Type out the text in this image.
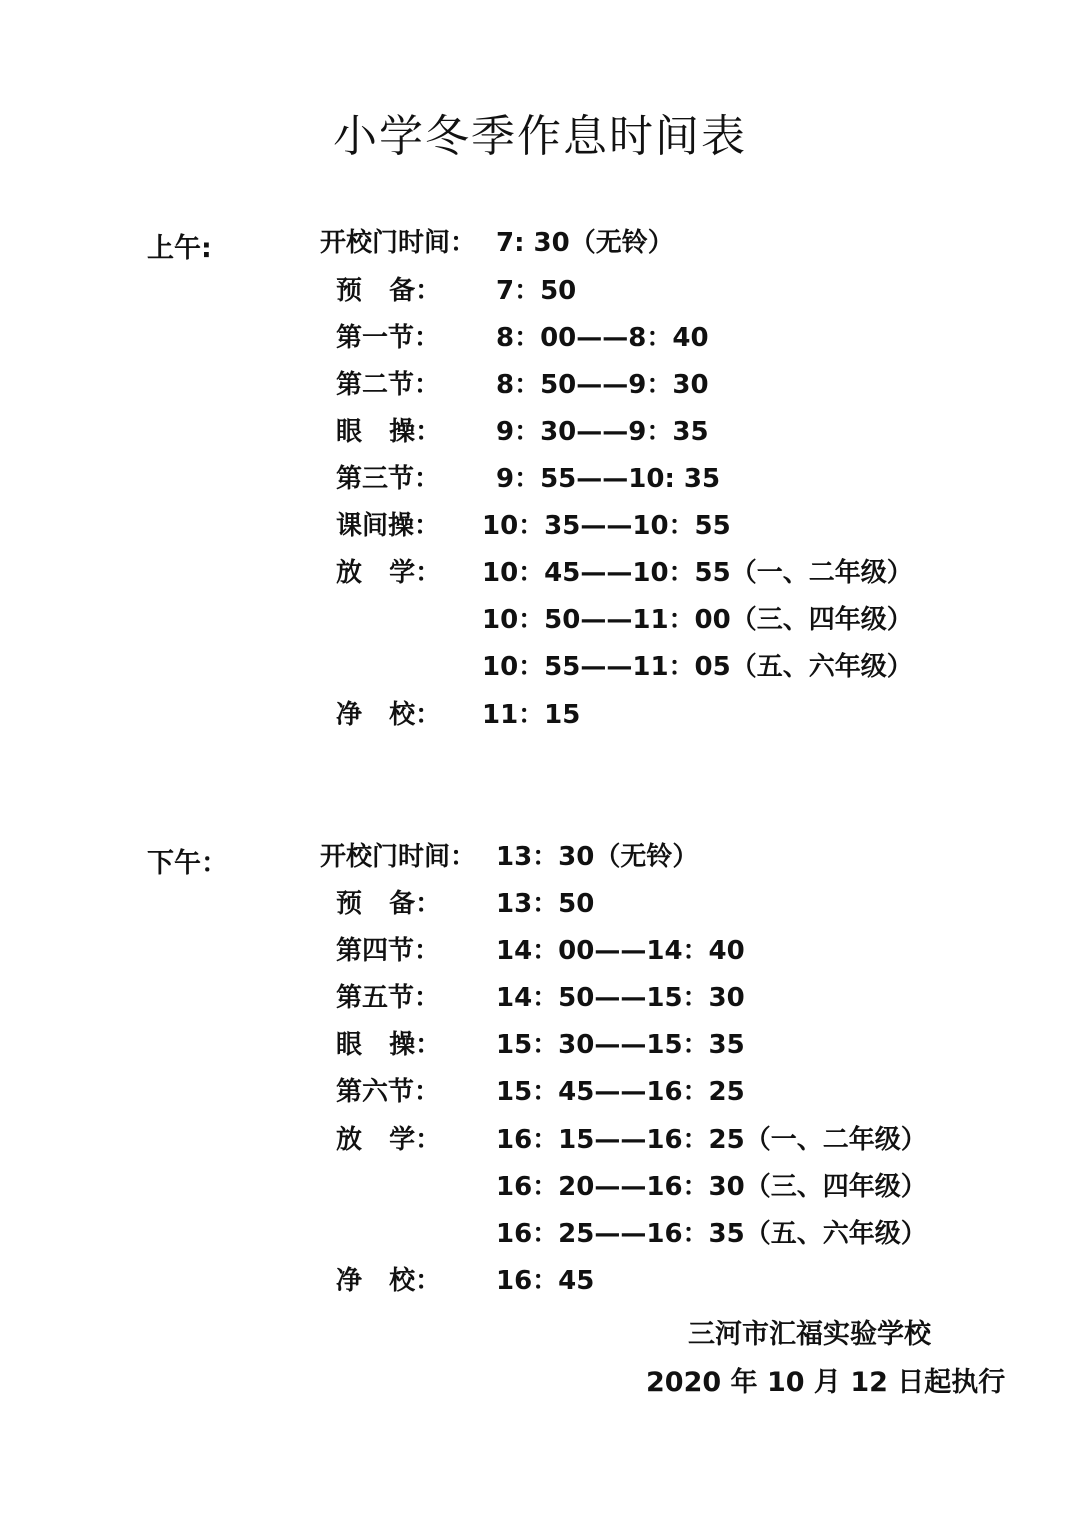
小学冬季作息时间表
上午:

	开校门时间：

7: 30（无铃）

预   备：

7：50

第一节：

8：00——8：40

第二节：

8：50——9：30

眼   操：

9：30——9：35

第三节：

9：55——10: 35

课间操：

10：35——10：55

放   学：

10：45——10：55（一、二年级）

10：50——11：00（三、四年级）

10：55——11：05（五、六年级）

净   校：

11：15

下午：

	开校门时间：

13：30（无铃）

预   备：

13：50

第四节：

14：00——14：40

第五节：

14：50——15：30

眼   操：

15：30——15：35

第六节：

15：45——16：25

放   学：

16：15——16：25（一、二年级）

16：20——16：30（三、四年级）

16：25——16：35（五、六年级）

净   校：

16：45

三河市汇福实验学校
2020 年 10 月 12 日起执行
